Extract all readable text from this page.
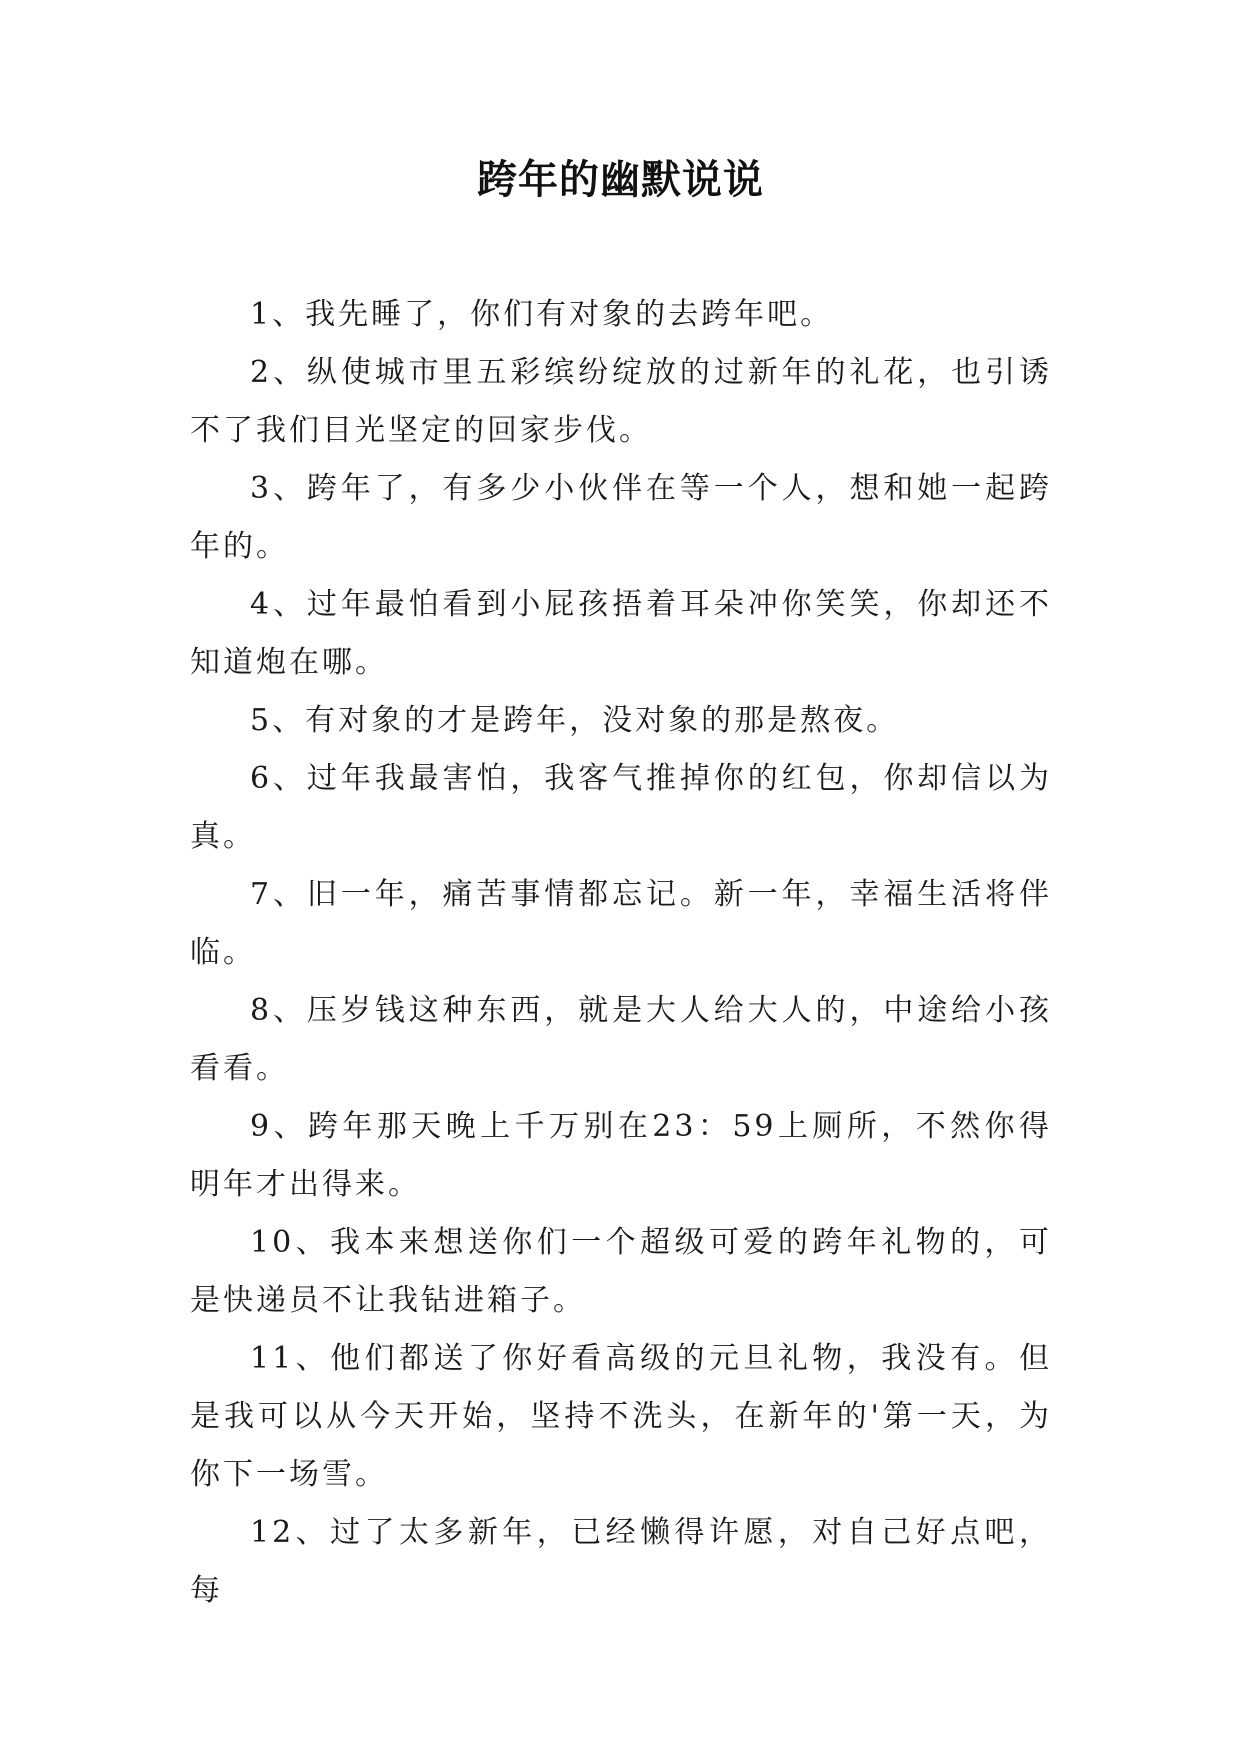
跨年的幽默说说

1、我先睡了，你们有对象的去跨年吧。

2、纵使城市里五彩缤纷绽放的过新年的礼花，也引诱不了我们目光坚定的回家步伐。

3、跨年了，有多少小伙伴在等一个人，想和她一起跨年的。

4、过年最怕看到小屁孩捂着耳朵冲你笑笑，你却还不知道炮在哪。

5、有对象的才是跨年，没对象的那是熬夜。

6、过年我最害怕，我客气推掉你的红包，你却信以为真。

7、旧一年，痛苦事情都忘记。新一年，幸福生活将伴临。

8、压岁钱这种东西，就是大人给大人的，中途给小孩看看。

9、跨年那天晚上千万别在23：59上厕所，不然你得明年才出得来。

10、我本来想送你们一个超级可爱的跨年礼物的，可是快递员不让我钻进箱子。

11、他们都送了你好看高级的元旦礼物，我没有。但是我可以从今天开始，坚持不洗头，在新年的'第一天，为你下一场雪。

12、过了太多新年，已经懒得许愿，对自己好点吧，每
